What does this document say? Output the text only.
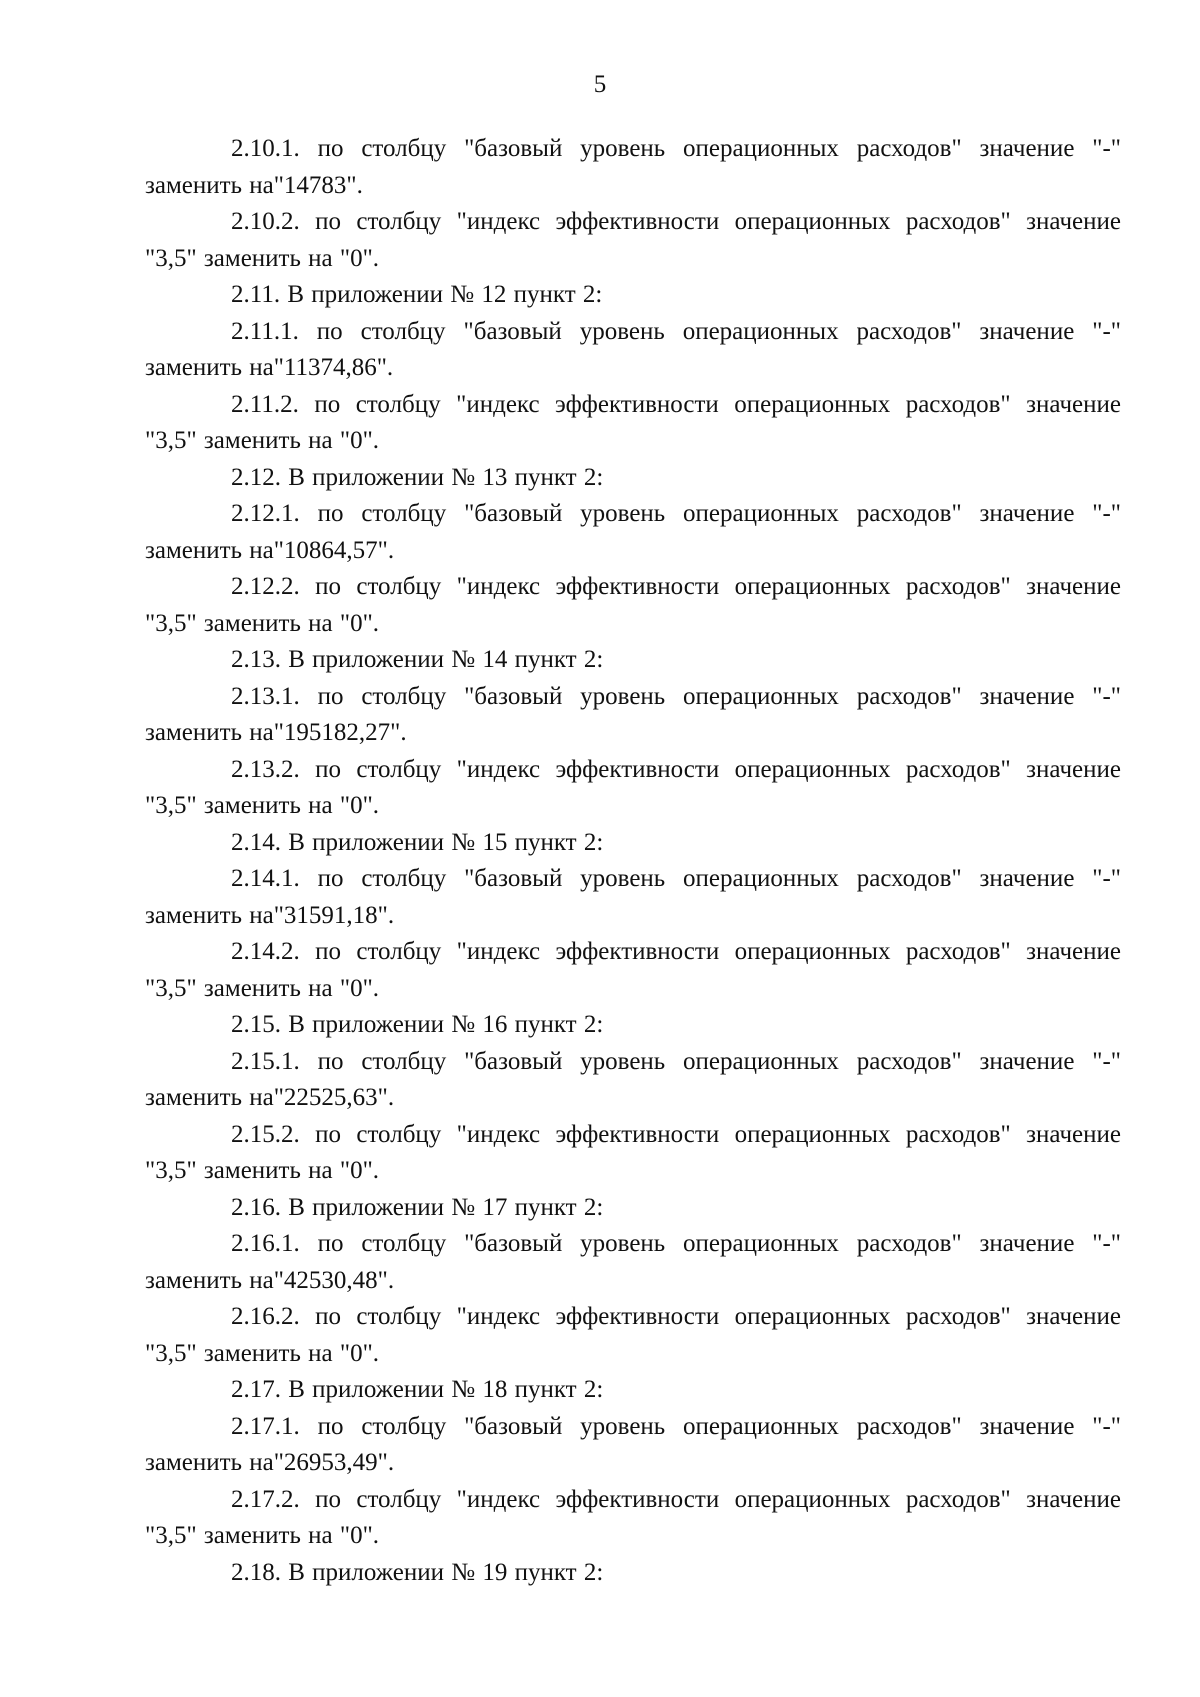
5

2.10.1. по столбцу "базовый уровень операционных расходов" значение "-" заменить на"14783".

2.10.2. по столбцу "индекс эффективности операционных расходов" значение "3,5" заменить на "0".

2.11. В приложении № 12 пункт 2:

2.11.1. по столбцу "базовый уровень операционных расходов" значение "-" заменить на"11374,86".

2.11.2. по столбцу "индекс эффективности операционных расходов" значение "3,5" заменить на "0".

2.12. В приложении № 13 пункт 2:

2.12.1. по столбцу "базовый уровень операционных расходов" значение "-" заменить на"10864,57".

2.12.2. по столбцу "индекс эффективности операционных расходов" значение "3,5" заменить на "0".

2.13. В приложении № 14 пункт 2:

2.13.1. по столбцу "базовый уровень операционных расходов" значение "-" заменить на"195182,27".

2.13.2. по столбцу "индекс эффективности операционных расходов" значение "3,5" заменить на "0".

2.14. В приложении № 15 пункт 2:

2.14.1. по столбцу "базовый уровень операционных расходов" значение "-" заменить на"31591,18".

2.14.2. по столбцу "индекс эффективности операционных расходов" значение "3,5" заменить на "0".

2.15. В приложении № 16 пункт 2:

2.15.1. по столбцу "базовый уровень операционных расходов" значение "-" заменить на"22525,63".

2.15.2. по столбцу "индекс эффективности операционных расходов" значение "3,5" заменить на "0".

2.16. В приложении № 17 пункт 2:

2.16.1. по столбцу "базовый уровень операционных расходов" значение "-" заменить на"42530,48".

2.16.2. по столбцу "индекс эффективности операционных расходов" значение "3,5" заменить на "0".

2.17. В приложении № 18 пункт 2:

2.17.1. по столбцу "базовый уровень операционных расходов" значение "-" заменить на"26953,49".

2.17.2. по столбцу "индекс эффективности операционных расходов" значение "3,5" заменить на "0".

2.18. В приложении № 19 пункт 2:
